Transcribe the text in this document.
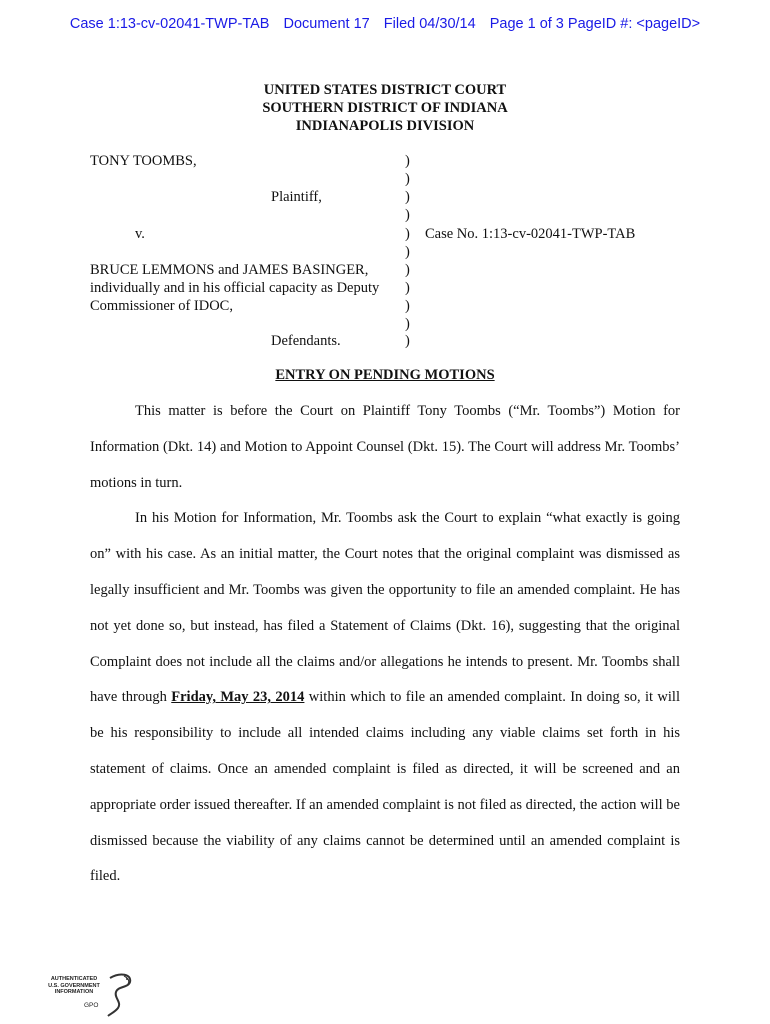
Case 1:13-cv-02041-TWP-TAB Document 17 Filed 04/30/14 Page 1 of 3 PageID #: <pageID>
UNITED STATES DISTRICT COURT
SOUTHERN DISTRICT OF INDIANA
INDIANAPOLIS DIVISION
TONY TOOMBS,
Plaintiff,
v.
BRUCE LEMMONS and JAMES BASINGER,
individually and in his official capacity as Deputy
Commissioner of IDOC,
Defendants.
)
)
)
)
)
)
)
)
)
)
)
Case No. 1:13-cv-02041-TWP-TAB
ENTRY ON PENDING MOTIONS

This matter is before the Court on Plaintiff Tony Toombs (“Mr. Toombs”) Motion for Information (Dkt. 14) and Motion to Appoint Counsel (Dkt. 15). The Court will address Mr. Toombs’ motions in turn.

In his Motion for Information, Mr. Toombs ask the Court to explain “what exactly is going on” with his case. As an initial matter, the Court notes that the original complaint was dismissed as legally insufficient and Mr. Toombs was given the opportunity to file an amended complaint. He has not yet done so, but instead, has filed a Statement of Claims (Dkt. 16), suggesting that the original Complaint does not include all the claims and/or allegations he intends to present. Mr. Toombs shall have through Friday, May 23, 2014 within which to file an amended complaint. In doing so, it will be his responsibility to include all intended claims including any viable claims set forth in his statement of claims. Once an amended complaint is filed as directed, it will be screened and an appropriate order issued thereafter. If an amended complaint is not filed as directed, the action will be dismissed because the viability of any claims cannot be determined until an amended complaint is filed.

AUTHENTICATED
U.S. GOVERNMENT
INFORMATION
GPO
